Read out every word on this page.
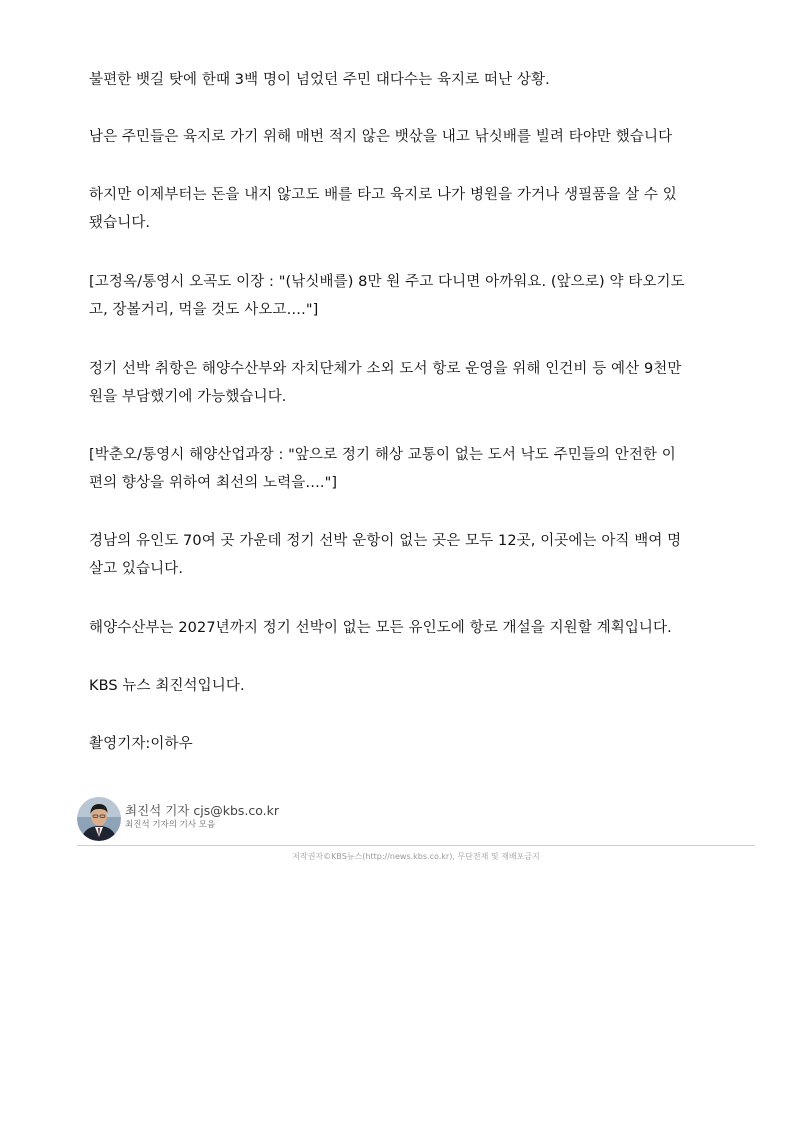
불편한 뱃길 탓에 한때 3백 명이 넘었던 주민 대다수는 육지로 떠난 상황.
남은 주민들은 육지로 가기 위해 매번 적지 않은 뱃삯을 내고 낚싯배를 빌려 타야만 했습니다
하지만 이제부터는 돈을 내지 않고도 배를 타고 육지로 나가 병원을 가거나 생필품을 살 수 있
됐습니다.
[고정옥/통영시 오곡도 이장 : "(낚싯배를) 8만 원 주고 다니면 아까워요. (앞으로) 약 타오기도
고, 장볼거리, 먹을 것도 사오고…."]
정기 선박 취항은 해양수산부와 자치단체가 소외 도서 항로 운영을 위해 인건비 등 예산 9천만
원을 부담했기에 가능했습니다.
[박춘오/통영시 해양산업과장 : "앞으로 정기 해상 교통이 없는 도서 낙도 주민들의 안전한 이
편의 향상을 위하여 최선의 노력을…."]
경남의 유인도 70여 곳 가운데 정기 선박 운항이 없는 곳은 모두 12곳, 이곳에는 아직 백여 명
살고 있습니다.
해양수산부는 2027년까지 정기 선박이 없는 모든 유인도에 항로 개설을 지원할 계획입니다.
KBS 뉴스 최진석입니다.
촬영기자:이하우
최진석 기자 cjs@kbs.co.kr
최진석 기자의 기사 모음
저작권자©KBS뉴스(http://news.kbs.co.kr), 무단전재 및 재배포금지
